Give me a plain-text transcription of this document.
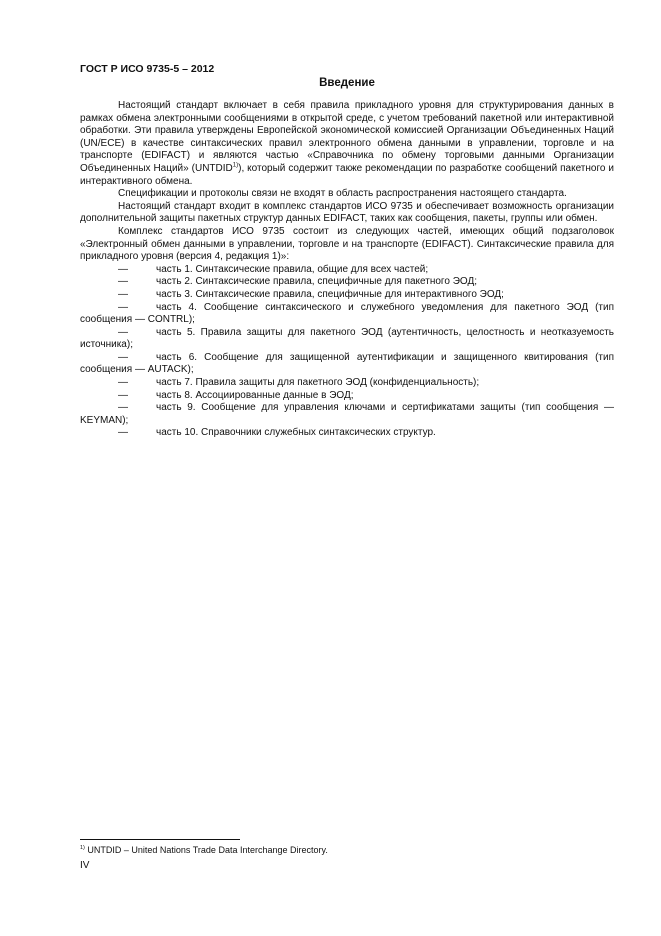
ГОСТ Р ИСО 9735-5 – 2012
Введение

Настоящий стандарт включает в себя правила прикладного уровня для структурирования данных в рамках обмена электронными сообщениями в открытой среде, с учетом требований пакетной или интерактивной обработки. Эти правила утверждены Европейской экономической комиссией Организации Объединенных Наций (UN/ECE) в качестве синтаксических правил электронного обмена данными в управлении, торговле и на транспорте (EDIFACT) и являются частью «Справочника по обмену торговыми данными Организации Объединенных Наций» (UNTDID$^{1)}$), который содержит также рекомендации по разработке сообщений пакетного и интерактивного обмена.

Спецификации и протоколы связи не входят в область распространения настоящего стандарта.

Настоящий стандарт входит в комплекс стандартов ИСО 9735 и обеспечивает возможность организации дополнительной защиты пакетных структур данных EDIFACT, таких как сообщения, пакеты, группы или обмен.

Комплекс стандартов ИСО 9735 состоит из следующих частей, имеющих общий подзаголовок «Электронный обмен данными в управлении, торговле и на транспорте (EDIFACT). Синтаксические правила для прикладного уровня (версия 4, редакция 1)»:

—	часть 1. Синтаксические правила, общие для всех частей;

—	часть 2. Синтаксические правила, специфичные для пакетного ЭОД;

—	часть 3. Синтаксические правила, специфичные для интерактивного ЭОД;

—	часть 4. Сообщение синтаксического и служебного уведомления для пакетного ЭОД (тип сообщения — CONTRL);

—	часть 5. Правила защиты для пакетного ЭОД (аутентичность, целостность и неотказуемость источника);

—	часть 6. Сообщение для защищенной аутентификации и защищенного квитирования (тип сообщения — AUTACK);

—	часть 7. Правила защиты для пакетного ЭОД (конфиденциальность);

—	часть 8. Ассоциированные данные в ЭОД;

—	часть 9. Сообщение для управления ключами и сертификатами защиты (тип сообщения — KEYMAN);

—	часть 10. Справочники служебных синтаксических структур.

$^{1)}$ UNTDID – United Nations Trade Data Interchange Directory.
IV
